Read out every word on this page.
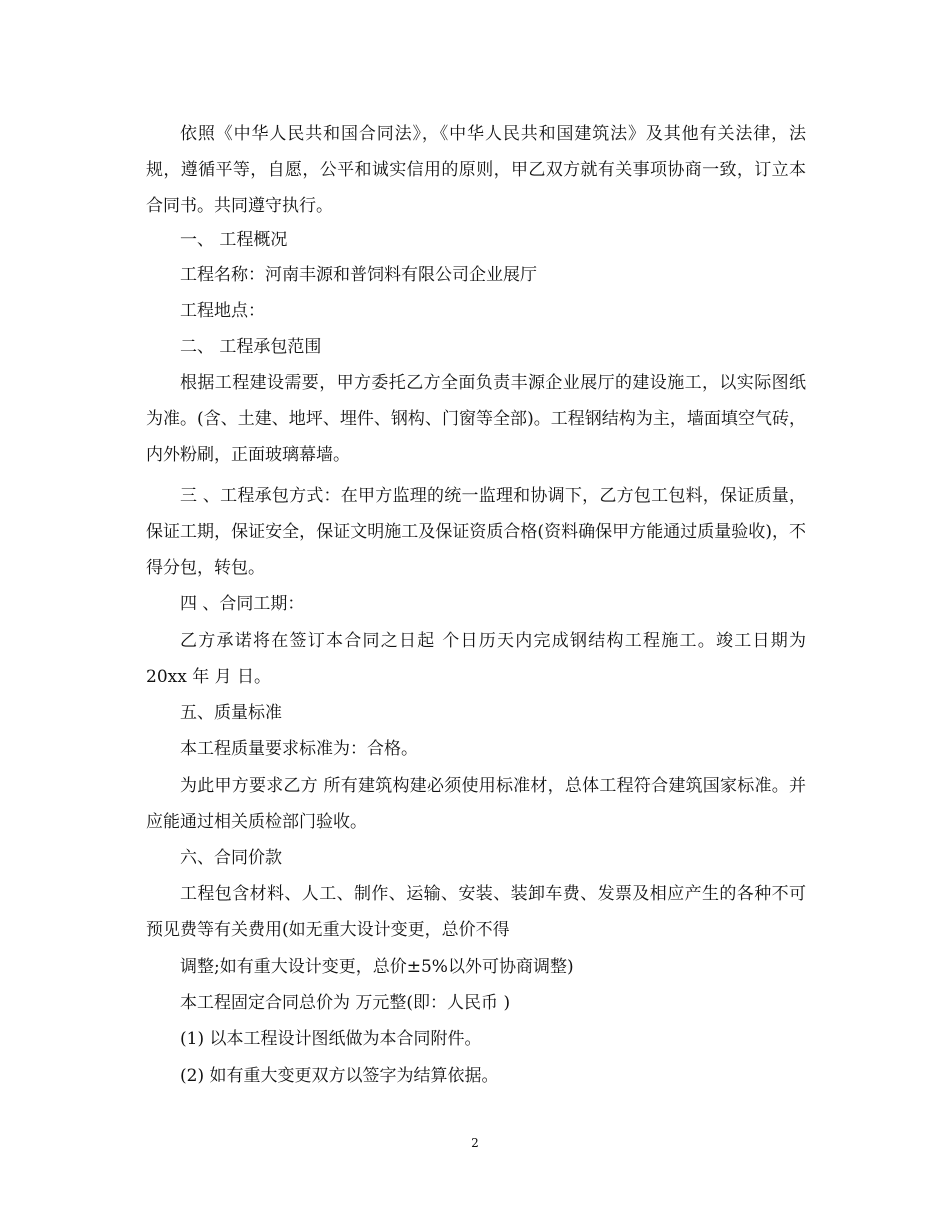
依照《中华人民共和国合同法》，《中华人民共和国建筑法》及其他有关法律，法规，遵循平等，自愿，公平和诚实信用的原则，甲乙双方就有关事项协商一致，订立本合同书。共同遵守执行。

一、 工程概况

工程名称：河南丰源和普饲料有限公司企业展厅

工程地点：

二、 工程承包范围

根据工程建设需要，甲方委托乙方全面负责丰源企业展厅的建设施工，以实际图纸为准。(含、土建、地坪、埋件、钢构、门窗等全部)。工程钢结构为主，墙面填空气砖，内外粉刷，正面玻璃幕墙。

三 、工程承包方式：在甲方监理的统一监理和协调下，乙方包工包料，保证质量，保证工期，保证安全，保证文明施工及保证资质合格(资料确保甲方能通过质量验收)，不得分包，转包。

四 、合同工期：

乙方承诺将在签订本合同之日起 个日历天内完成钢结构工程施工。竣工日期为 20xx 年 月 日。

五、质量标准

本工程质量要求标准为：合格。

为此甲方要求乙方 所有建筑构建必须使用标准材，总体工程符合建筑国家标准。并应能通过相关质检部门验收。

六、合同价款

工程包含材料、人工、制作、运输、安装、装卸车费、发票及相应产生的各种不可预见费等有关费用(如无重大设计变更，总价不得

调整;如有重大设计变更，总价±5%以外可协商调整)

本工程固定合同总价为 万元整(即：人民币 )

(1) 以本工程设计图纸做为本合同附件。

(2) 如有重大变更双方以签字为结算依据。

2
